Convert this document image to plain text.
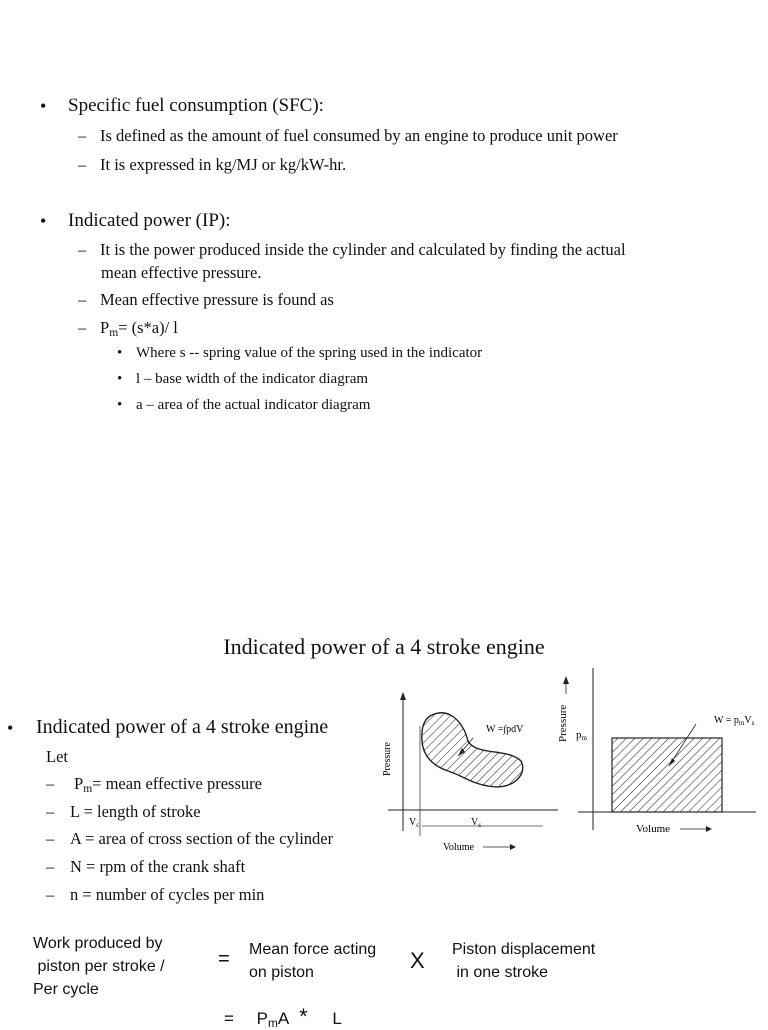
• Specific fuel consumption (SFC):
– Is defined as the amount of fuel consumed by an engine to produce unit power
– It is expressed in kg/MJ or kg/kW-hr.
• Indicated power (IP):
– It is the power produced inside the cylinder and calculated by finding the actual
mean effective pressure.
– Mean effective pressure is found as
– $P_m= (s*a)/$ l
• Where s -- spring value of the spring used in the indicator
• l – base width of the indicator diagram
• a – area of the actual indicator diagram
Indicated power of a 4 stroke engine
• Indicated power of a 4 stroke engine
Let
– $P_m=$ mean effective pressure
– L = length of stroke
– A = area of cross section of the cylinder
– N = rpm of the crank shaft
– n = number of cycles per min
W =∫pdV
Pressure
$V_c$	$V_s$
Volume
Pressure pm
$W = p_mV_s$
Volume
Work produced by
piston per stroke /
Per cycle
= Mean force acting
on piston	X Piston displacement
in one stroke
= $P_mA$ * L
